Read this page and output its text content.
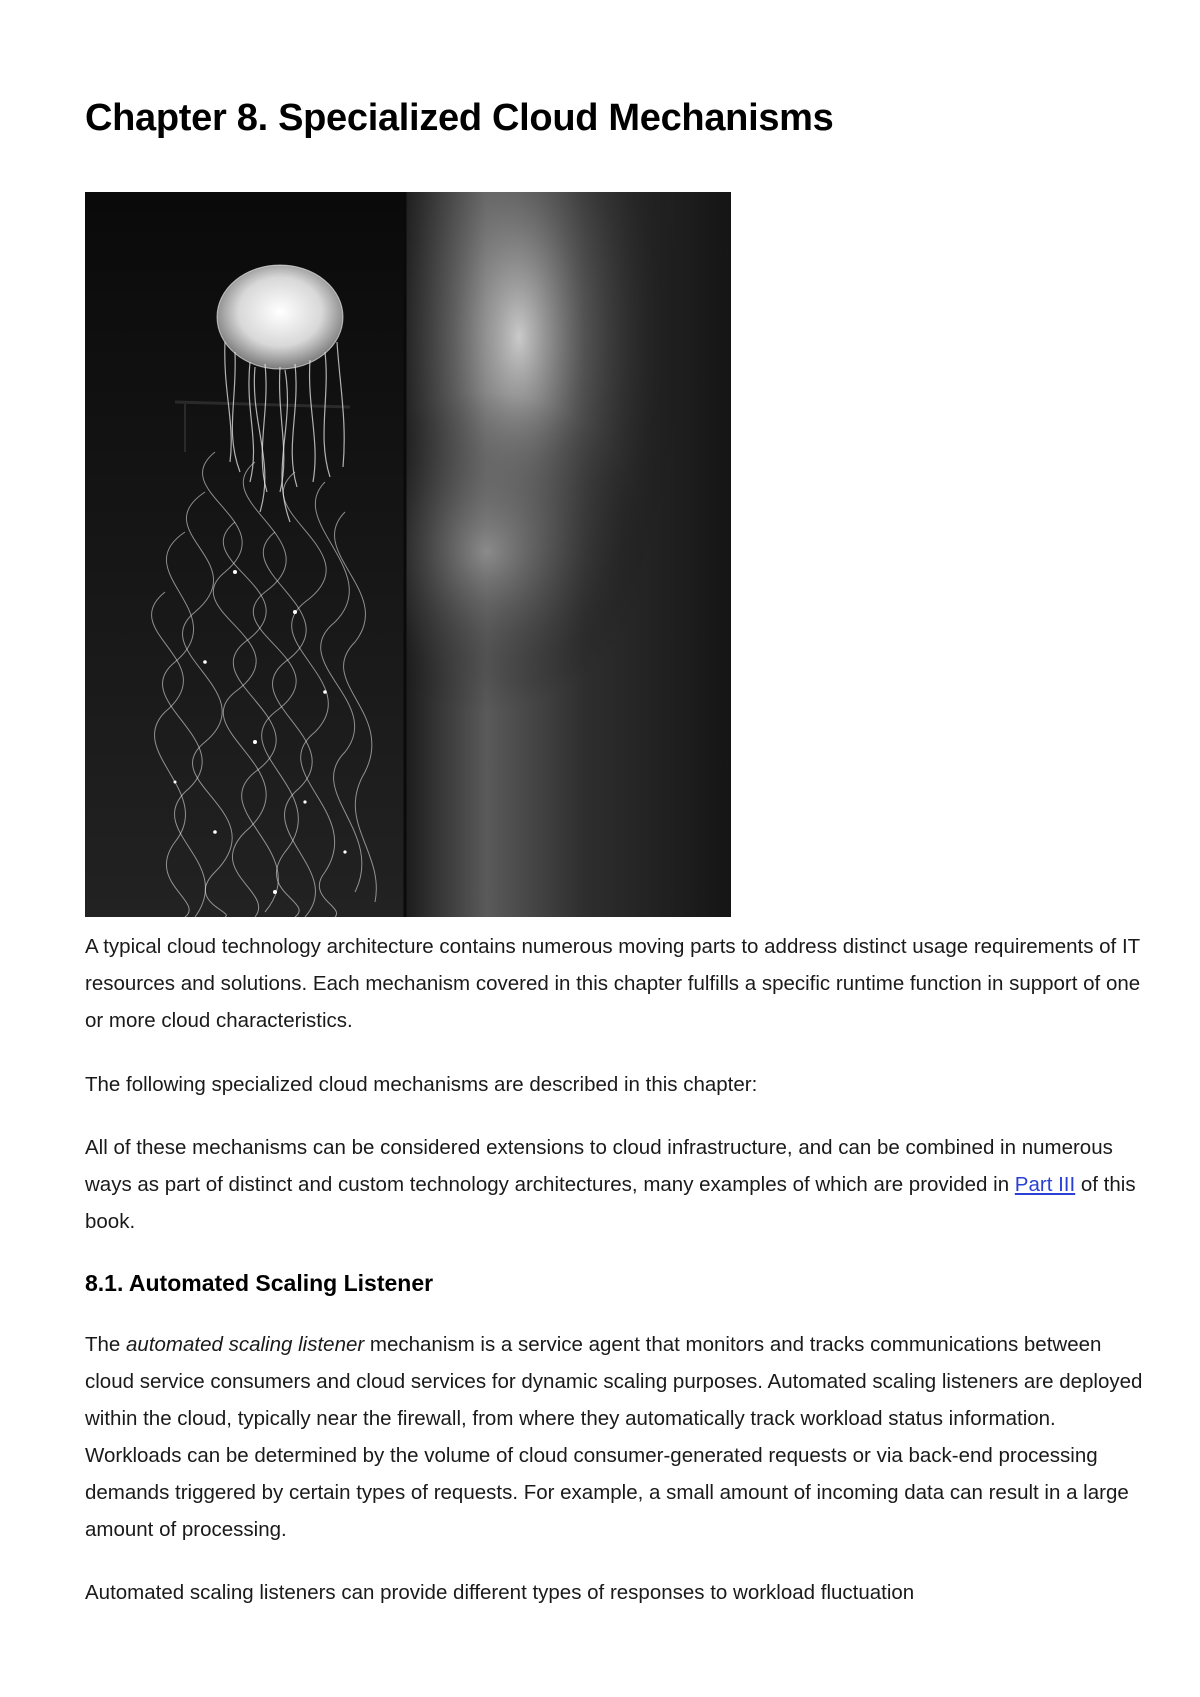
Chapter 8. Specialized Cloud Mechanisms

A typical cloud technology architecture contains numerous moving parts to address distinct usage requirements of IT resources and solutions. Each mechanism covered in this chapter fulfills a specific runtime function in support of one or more cloud characteristics.

The following specialized cloud mechanisms are described in this chapter:

All of these mechanisms can be considered extensions to cloud infrastructure, and can be combined in numerous ways as part of distinct and custom technology architectures, many examples of which are provided in Part III of this book.

8.1. Automated Scaling Listener

The automated scaling listener mechanism is a service agent that monitors and tracks communications between cloud service consumers and cloud services for dynamic scaling purposes. Automated scaling listeners are deployed within the cloud, typically near the firewall, from where they automatically track workload status information. Workloads can be determined by the volume of cloud consumer-generated requests or via back-end processing demands triggered by certain types of requests. For example, a small amount of incoming data can result in a large amount of processing.

Automated scaling listeners can provide different types of responses to workload fluctuation
